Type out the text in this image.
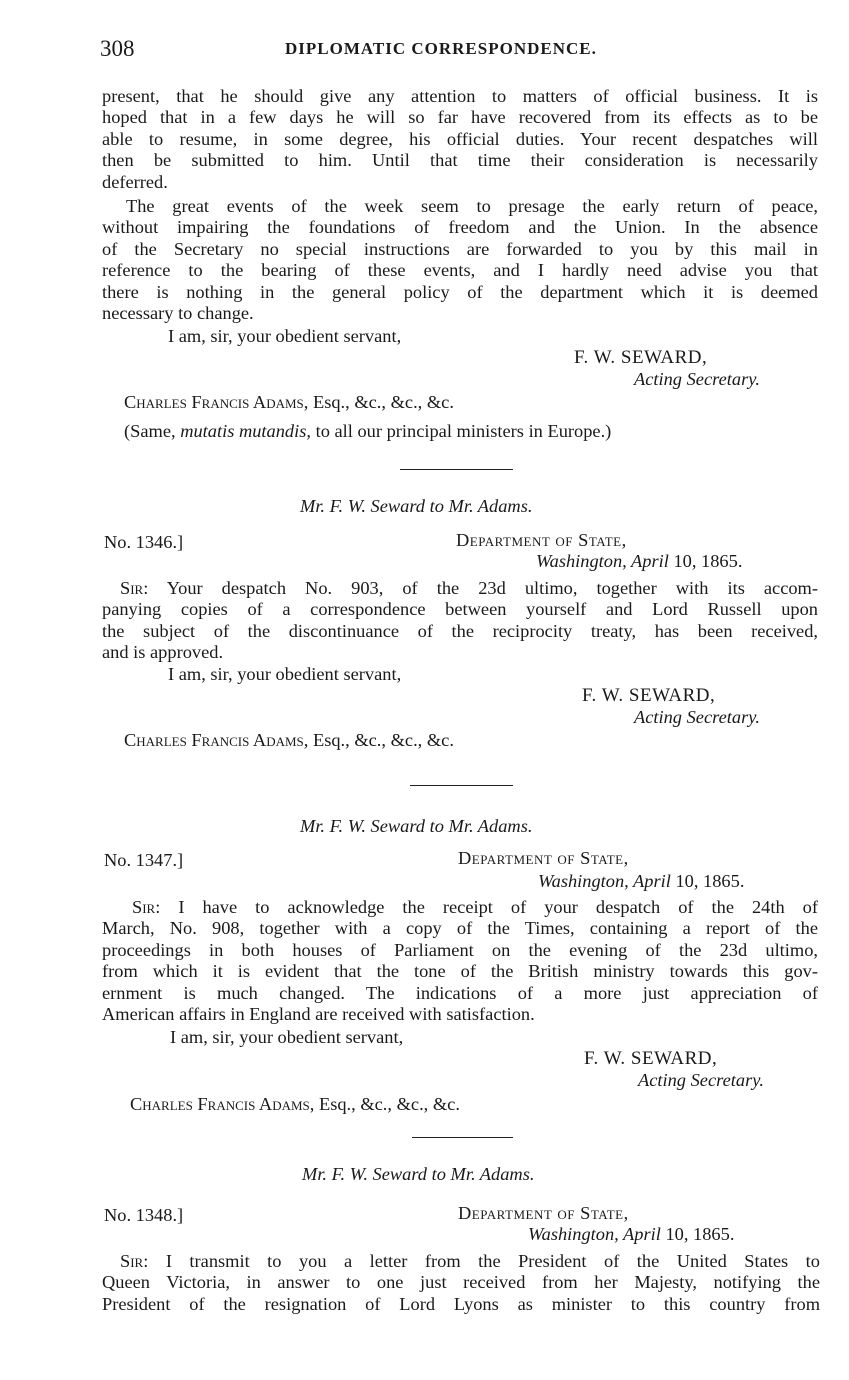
308	DIPLOMATIC CORRESPONDENCE.
present, that he should give any attention to matters of official business. It is
hoped that in a few days he will so far have recovered from its effects as to be
able to resume, in some degree, his official duties. Your recent despatches will
then be submitted to him. Until that time their consideration is necessarily
deferred.
The great events of the week seem to presage the early return of peace,
without impairing the foundations of freedom and the Union. In the absence
of the Secretary no special instructions are forwarded to you by this mail in
reference to the bearing of these events, and I hardly need advise you that
there is nothing in the general policy of the department which it is deemed
necessary to change.
I am, sir, your obedient servant,
F. W. SEWARD,
Acting Secretary.
Charles Francis Adams, Esq., &c., &c., &c.
(Same, mutatis mutandis, to all our principal ministers in Europe.)
Mr. F. W. Seward to Mr. Adams.
No. 1346.]	Department of State,
Washington, April 10, 1865.
Sir: Your despatch No. 903, of the 23d ultimo, together with its accom-
panying copies of a correspondence between yourself and Lord Russell upon
the subject of the discontinuance of the reciprocity treaty, has been received,
and is approved.
I am, sir, your obedient servant,
F. W. SEWARD,
Acting Secretary.
Charles Francis Adams, Esq., &c., &c., &c.
Mr. F. W. Seward to Mr. Adams.
No. 1347.]	Department of State,
Washington, April 10, 1865.
Sir: I have to acknowledge the receipt of your despatch of the 24th of
March, No. 908, together with a copy of the Times, containing a report of the
proceedings in both houses of Parliament on the evening of the 23d ultimo,
from which it is evident that the tone of the British ministry towards this gov-
ernment is much changed. The indications of a more just appreciation of
American affairs in England are received with satisfaction.
I am, sir, your obedient servant,
F. W. SEWARD,
Acting Secretary.
Charles Francis Adams, Esq., &c., &c., &c.
Mr. F. W. Seward to Mr. Adams.
No. 1348.]	Department of State,
Washington, April 10, 1865.
Sir: I transmit to you a letter from the President of the United States to
Queen Victoria, in answer to one just received from her Majesty, notifying the
President of the resignation of Lord Lyons as minister to this country from
